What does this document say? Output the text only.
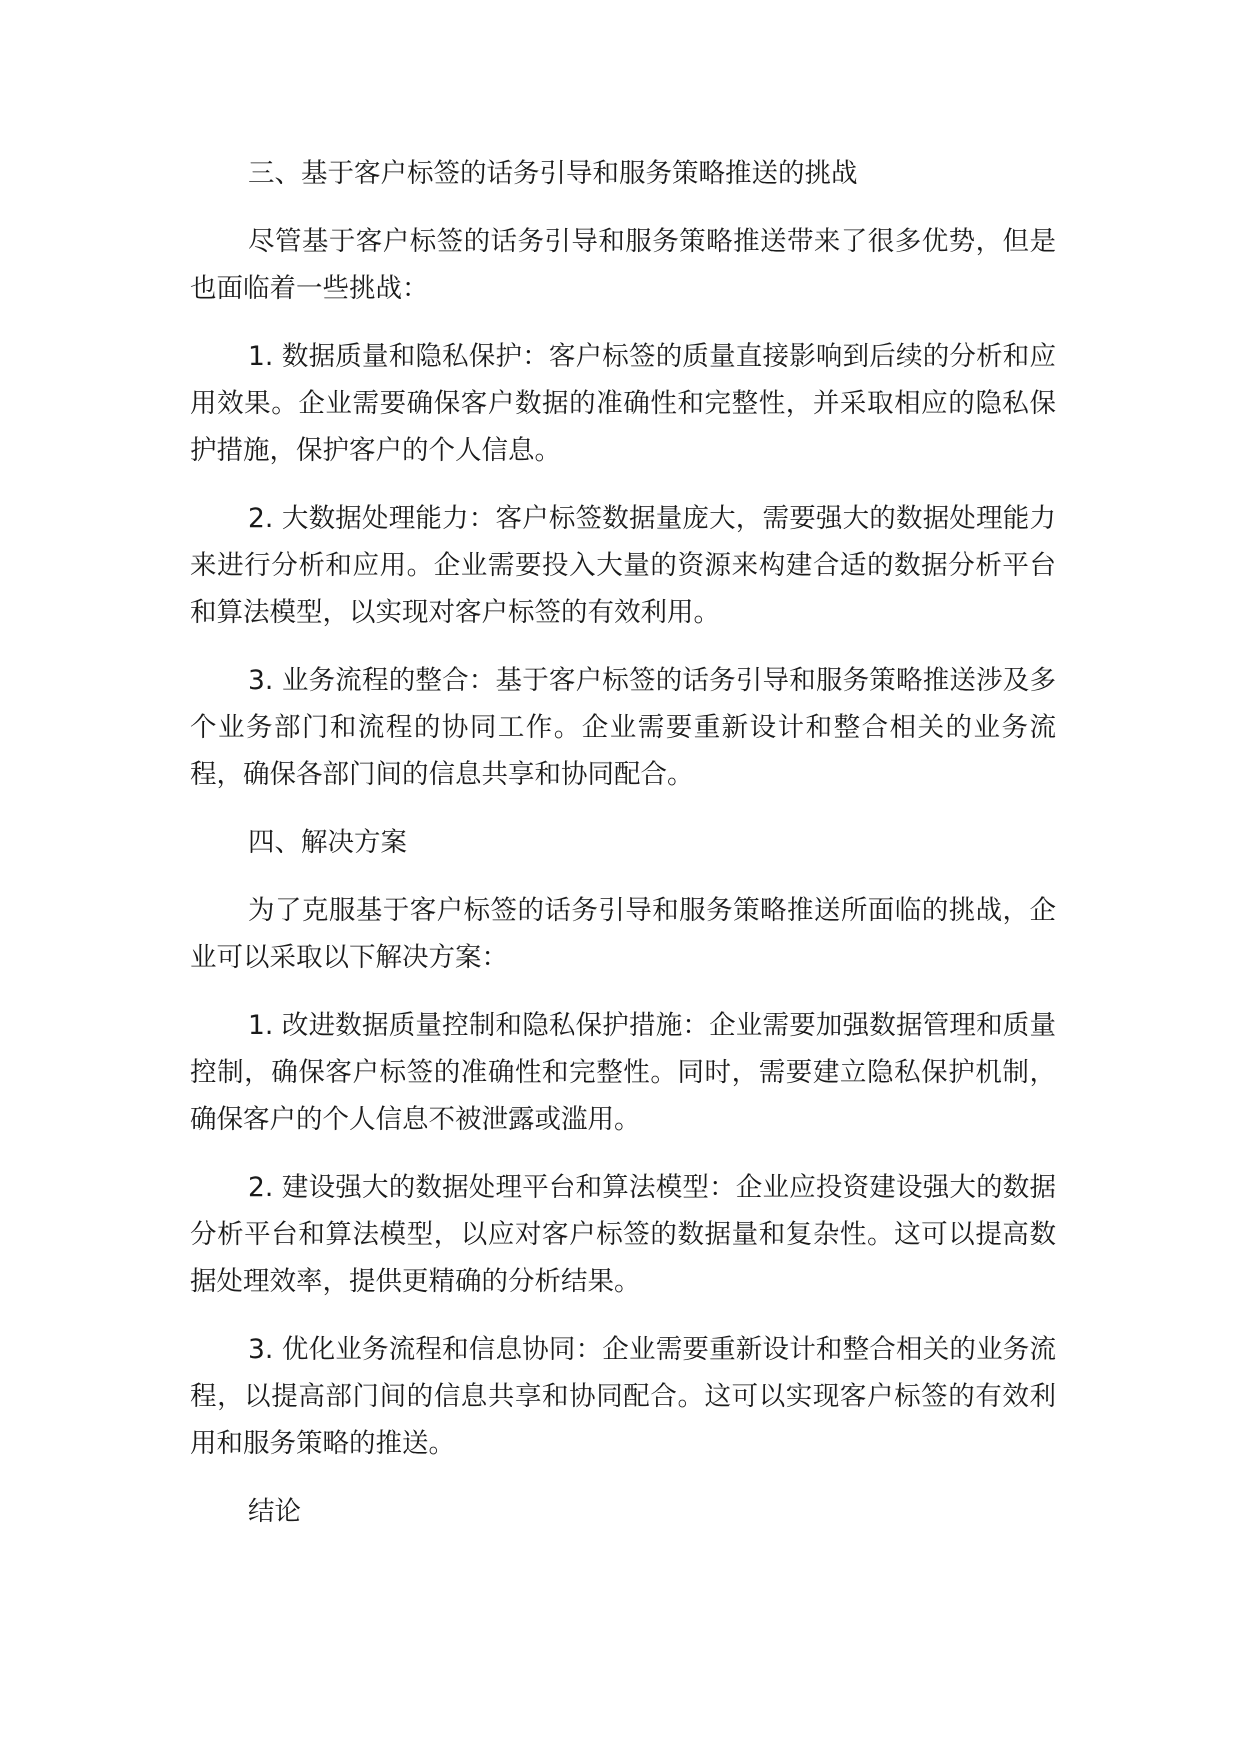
三、基于客户标签的话务引导和服务策略推送的挑战

尽管基于客户标签的话务引导和服务策略推送带来了很多优势，但是也面临着一些挑战：

1. 数据质量和隐私保护：客户标签的质量直接影响到后续的分析和应用效果。企业需要确保客户数据的准确性和完整性，并采取相应的隐私保护措施，保护客户的个人信息。

2. 大数据处理能力：客户标签数据量庞大，需要强大的数据处理能力来进行分析和应用。企业需要投入大量的资源来构建合适的数据分析平台和算法模型，以实现对客户标签的有效利用。

3. 业务流程的整合：基于客户标签的话务引导和服务策略推送涉及多个业务部门和流程的协同工作。企业需要重新设计和整合相关的业务流程，确保各部门间的信息共享和协同配合。

四、解决方案

为了克服基于客户标签的话务引导和服务策略推送所面临的挑战，企业可以采取以下解决方案：

1. 改进数据质量控制和隐私保护措施：企业需要加强数据管理和质量控制，确保客户标签的准确性和完整性。同时，需要建立隐私保护机制，确保客户的个人信息不被泄露或滥用。

2. 建设强大的数据处理平台和算法模型：企业应投资建设强大的数据分析平台和算法模型，以应对客户标签的数据量和复杂性。这可以提高数据处理效率，提供更精确的分析结果。

3. 优化业务流程和信息协同：企业需要重新设计和整合相关的业务流程，以提高部门间的信息共享和协同配合。这可以实现客户标签的有效利用和服务策略的推送。

结论
